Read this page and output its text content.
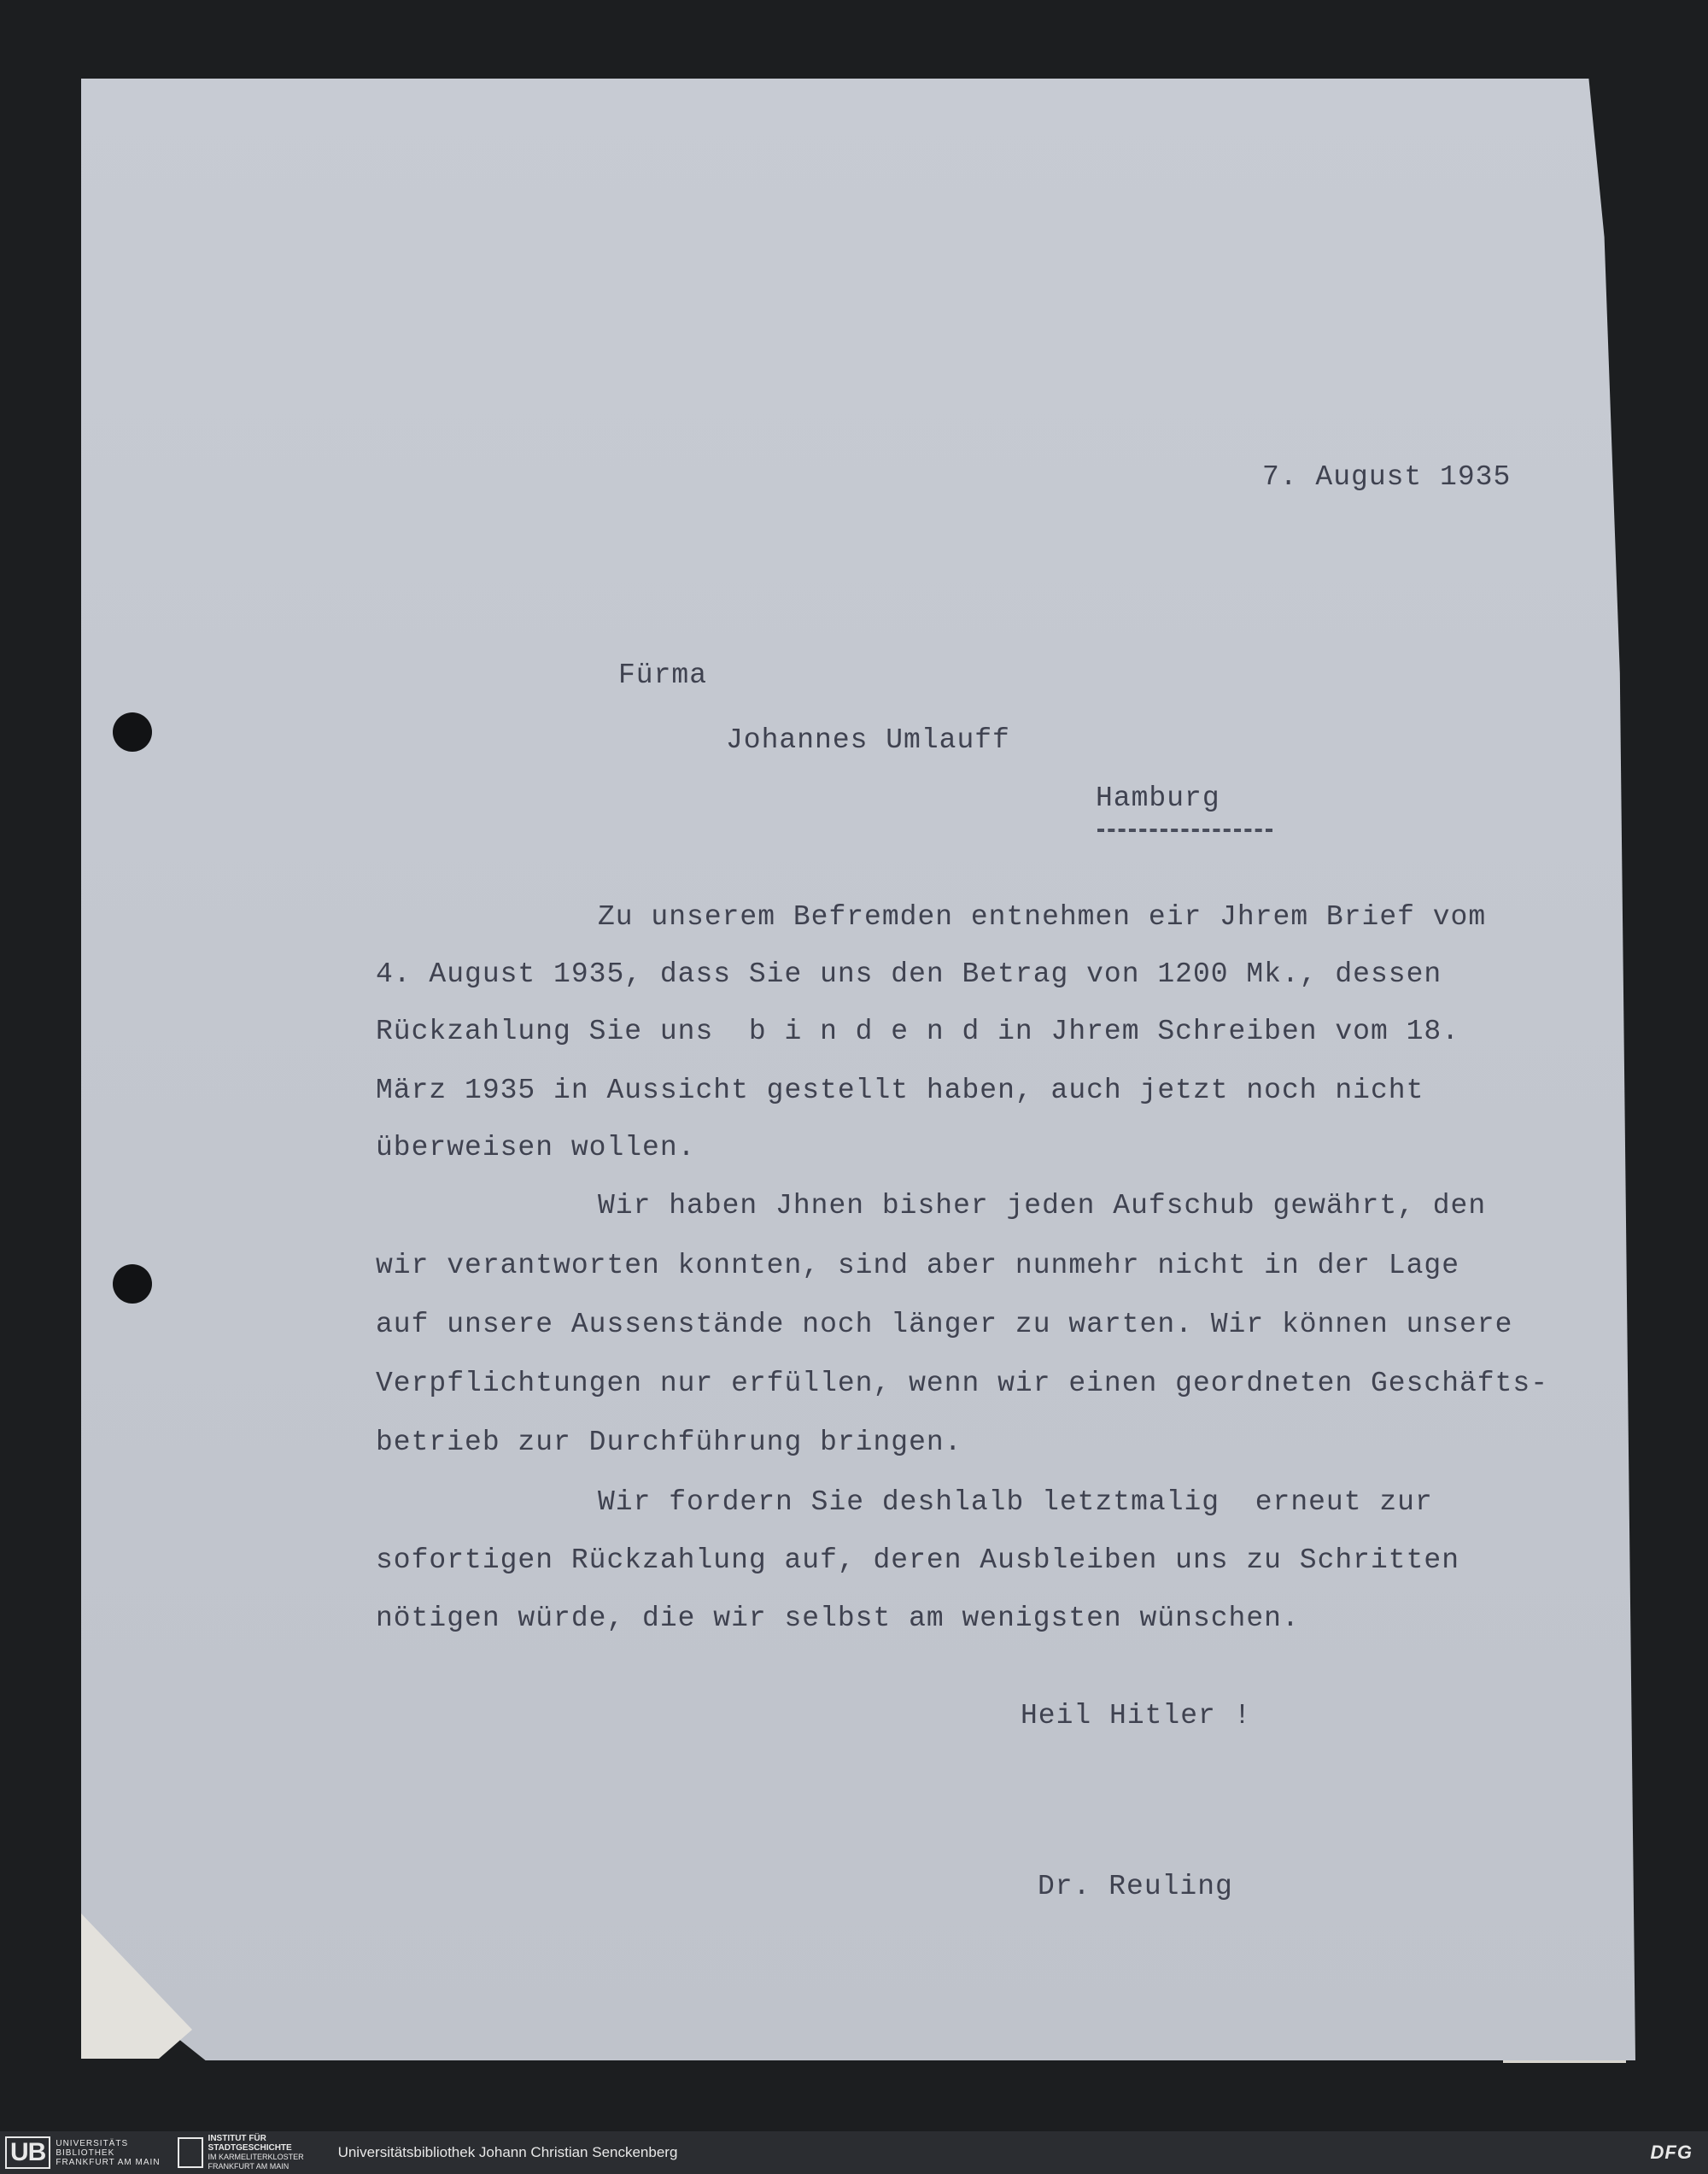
7. August 1935
Fürma
Johannes Umlauff
Hamburg
Zu unserem Befremden entnehmen eir Jhrem Brief vom
4. August 1935, dass Sie uns den Betrag von 1200 Mk., dessen
Rückzahlung Sie uns  b i n d e n d in Jhrem Schreiben vom 18.
März 1935 in Aussicht gestellt haben, auch jetzt noch nicht
überweisen wollen.
Wir haben Jhnen bisher jeden Aufschub gewährt, den
wir verantworten konnten, sind aber nunmehr nicht in der Lage
auf unsere Aussenstände noch länger zu warten. Wir können unsere
Verpflichtungen nur erfüllen, wenn wir einen geordneten Geschäfts-
betrieb zur Durchführung bringen.
Wir fordern Sie deshlalb letztmalig  erneut zur
sofortigen Rückzahlung auf, deren Ausbleiben uns zu Schritten
nötigen würde, die wir selbst am wenigsten wünschen.
Heil Hitler !
Dr. Reuling
UB	UNIVERSITÄTS
BIBLIOTHEK
FRANKFURT AM MAIN
INSTITUT FÜR
STADTGESCHICHTE
IM KARMELITERKLOSTER
FRANKFURT AM MAIN
Universitätsbibliothek Johann Christian Senckenberg	DFG
